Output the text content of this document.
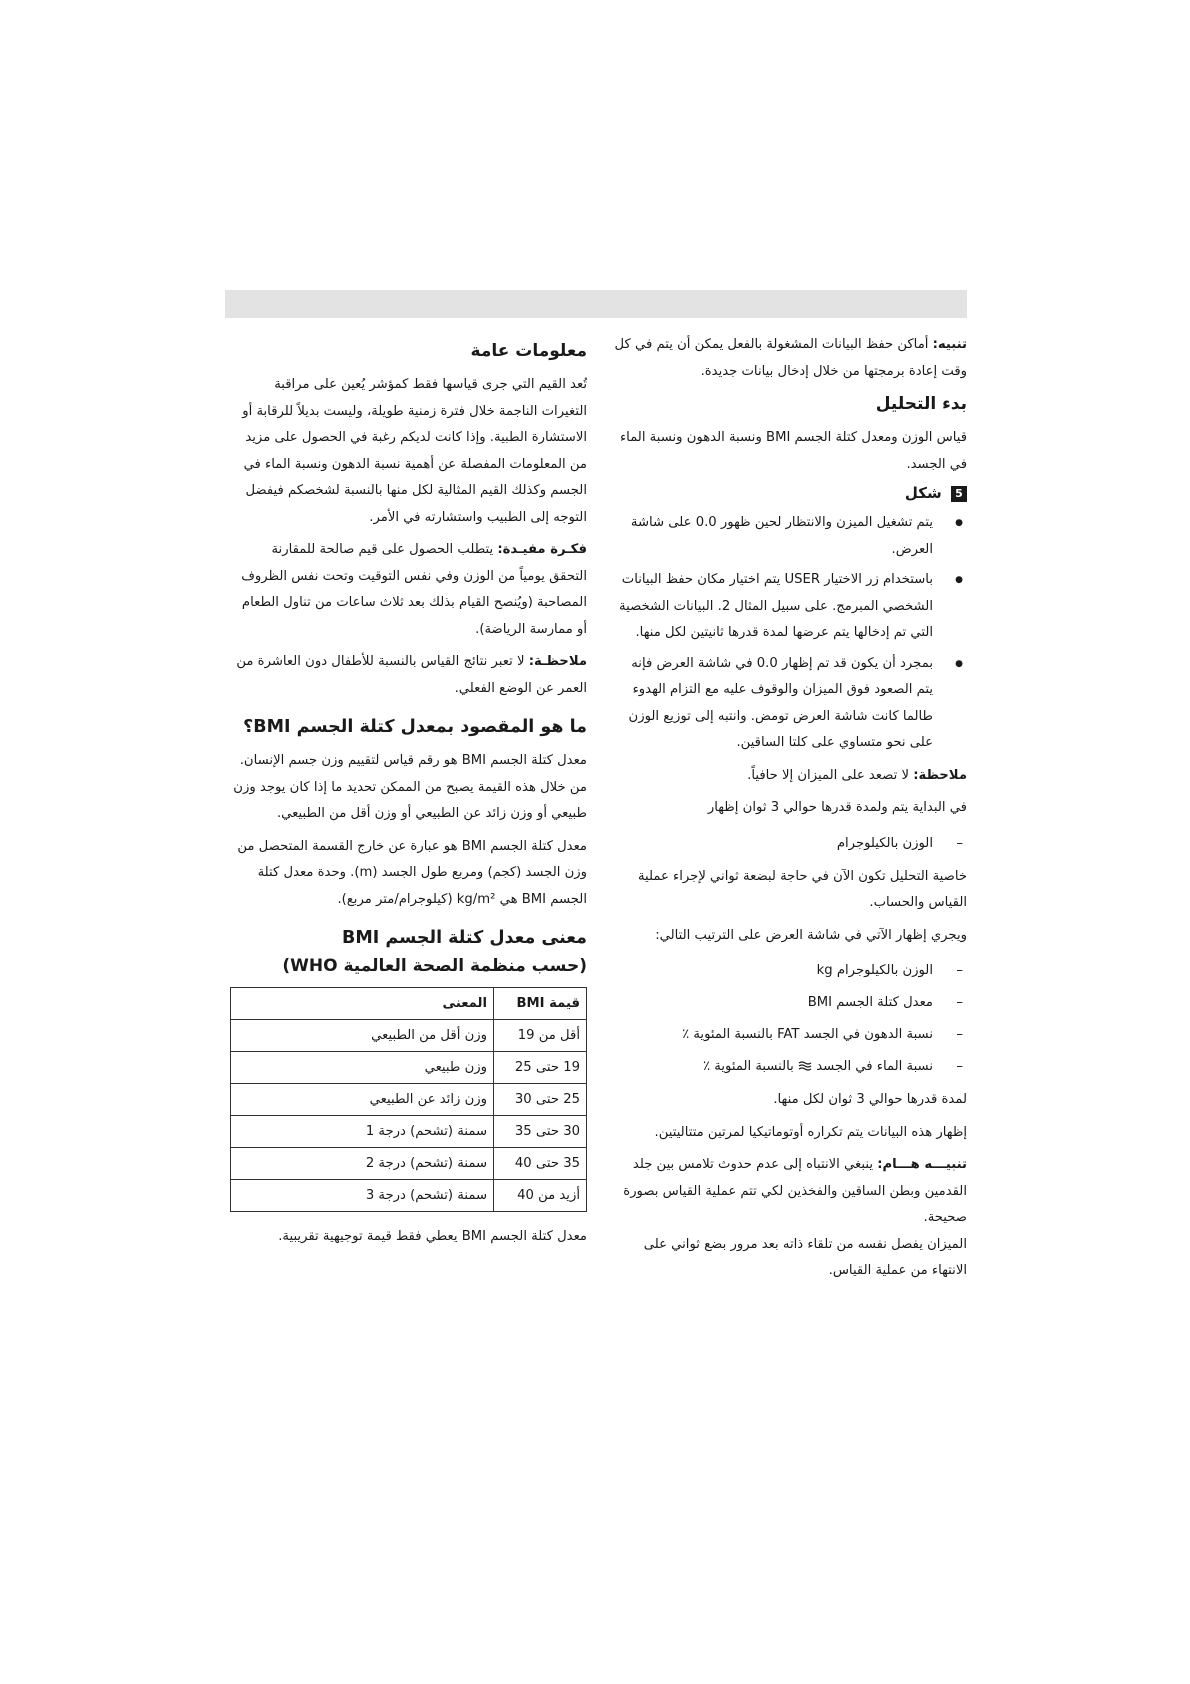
تنبيه: أماكن حفظ البيانات المشغولة بالفعل يمكن أن يتم في كل وقت إعادة برمجتها من خلال إدخال بيانات جديدة.

بدء التحليل

قياس الوزن ومعدل كتلة الجسم BMI ونسبة الدهون ونسبة الماء في الجسد.

5 شكل
● يتم تشغيل الميزن والانتظار لحين ظهور 0.0 على شاشة العرض.
● باستخدام زر الاختيار USER يتم اختيار مكان حفظ البيانات الشخصي المبرمج. على سبيل المثال 2. البيانات الشخصية التي تم إدخالها يتم عرضها لمدة قدرها ثانيتين لكل منها.
● بمجرد أن يكون قد تم إظهار 0.0 في شاشة العرض فإنه يتم الصعود فوق الميزان والوقوف عليه مع التزام الهدوء طالما كانت شاشة العرض تومض. وانتبه إلى توزيع الوزن على نحو متساوي على كلتا الساقين.

ملاحظة: لا تصعد على الميزان إلا حافياً.

في البداية يتم ولمدة قدرها حوالي 3 ثوان إظهار

– الوزن بالكيلوجرام

خاصية التحليل تكون الآن في حاجة لبضعة ثواني لإجراء عملية القياس والحساب.

ويجري إظهار الآتي في شاشة العرض على الترتيب التالي:

– الوزن بالكيلوجرام kg
– معدل كتلة الجسم BMI
– نسبة الدهون في الجسد FAT بالنسبة المئوية ٪
– نسبة الماء في الجسد  بالنسبة المئوية ٪

لمدة قدرها حوالي 3 ثوان لكل منها.

إظهار هذه البيانات يتم تكراره أوتوماتيكيا لمرتين متتاليتين.

تنبيـــه هـــام: ينبغي الانتباه إلى عدم حدوث تلامس بين جلد القدمين وبطن الساقين والفخذين لكي تتم عملية القياس بصورة صحيحة.

الميزان يفصل نفسه من تلقاء ذاته بعد مرور بضع ثواني على الانتهاء من عملية القياس.

معلومات عامة

تُعد القيم التي جرى قياسها فقط كمؤشر يُعين على مراقبة التغيرات الناجمة خلال فترة زمنية طويلة، وليست بديلاً للرقابة أو الاستشارة الطبية. وإذا كانت لديكم رغبة في الحصول على مزيد من المعلومات المفصلة عن أهمية نسبة الدهون ونسبة الماء في الجسم وكذلك القيم المثالية لكل منها بالنسبة لشخصكم فيفضل التوجه إلى الطبيب واستشارته في الأمر.

فكـرة مفيـدة: يتطلب الحصول على قيم صالحة للمقارنة التحقق يومياً من الوزن وفي نفس التوقيت وتحت نفس الظروف المصاحبة (ويُنصح القيام بذلك بعد ثلاث ساعات من تناول الطعام أو ممارسة الرياضة).

ملاحظـة: لا تعبر نتائج القياس بالنسبة للأطفال دون العاشرة من العمر عن الوضع الفعلي.

ما هو المقصود بمعدل كتلة الجسم BMI؟

معدل كتلة الجسم BMI هو رقم قياس لتقييم وزن جسم الإنسان. من خلال هذه القيمة يصبح من الممكن تحديد ما إذا كان يوجد وزن طبيعي أو وزن زائد عن الطبيعي أو وزن أقل من الطبيعي.

معدل كتلة الجسم BMI هو عبارة عن خارج القسمة المتحصل من وزن الجسد (كجم) ومربع طول الجسد (m). وحدة معدل كتلة الجسم BMI هي kg/m² (كيلوجرام/متر مربع).

معنى معدل كتلة الجسم BMI
(حسب منظمة الصحة العالمية WHO)
قيمة BMI	المعنى
أقل من 19	وزن أقل من الطبيعي
19 حتى 25	وزن طبيعي
25 حتى 30	وزن زائد عن الطبيعي
30 حتى 35	سمنة (تشحم) درجة 1
35 حتى 40	سمنة (تشحم) درجة 2
أزيد من 40	سمنة (تشحم) درجة 3

معدل كتلة الجسم BMI يعطي فقط قيمة توجيهية تقريبية.
